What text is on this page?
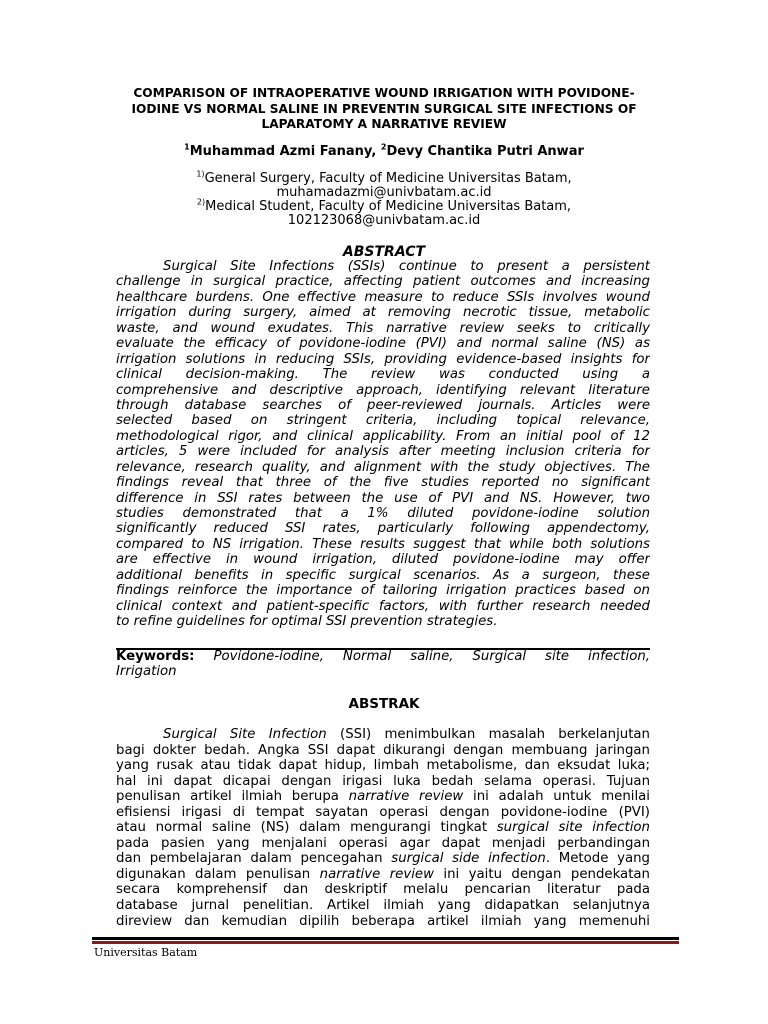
COMPARISON OF INTRAOPERATIVE WOUND IRRIGATION WITH POVIDONE-
IODINE VS NORMAL SALINE IN PREVENTIN SURGICAL SITE INFECTIONS OF
LAPARATOMY A NARRATIVE REVIEW
$^1$Muhammad Azmi Fanany, $^2$Devy Chantika Putri Anwar
$^{1)}$General Surgery, Faculty of Medicine Universitas Batam,
muhamadazmi@univbatam.ac.id
$^{2)}$Medical Student, Faculty of Medicine Universitas Batam,
102123068@univbatam.ac.id
ABSTRACT
Surgical Site Infections (SSIs) continue to present a persistent
challenge in surgical practice, affecting patient outcomes and increasing
healthcare burdens. One effective measure to reduce SSIs involves wound
irrigation during surgery, aimed at removing necrotic tissue, metabolic
waste, and wound exudates. This narrative review seeks to critically
evaluate the efficacy of povidone-iodine (PVI) and normal saline (NS) as
irrigation solutions in reducing SSIs, providing evidence-based insights for
clinical decision-making. The review was conducted using a
comprehensive and descriptive approach, identifying relevant literature
through database searches of peer-reviewed journals. Articles were
selected based on stringent criteria, including topical relevance,
methodological rigor, and clinical applicability. From an initial pool of 12
articles, 5 were included for analysis after meeting inclusion criteria for
relevance, research quality, and alignment with the study objectives. The
findings reveal that three of the five studies reported no significant
difference in SSI rates between the use of PVI and NS. However, two
studies demonstrated that a 1% diluted povidone-iodine solution
significantly reduced SSI rates, particularly following appendectomy,
compared to NS irrigation. These results suggest that while both solutions
are effective in wound irrigation, diluted povidone-iodine may offer
additional benefits in specific surgical scenarios. As a surgeon, these
findings reinforce the importance of tailoring irrigation practices based on
clinical context and patient-specific factors, with further research needed
to refine guidelines for optimal SSI prevention strategies.
Keywords: Povidone-iodine, Normal saline, Surgical site infection,
Irrigation
ABSTRAK
Surgical Site Infection (SSI) menimbulkan masalah berkelanjutan
bagi dokter bedah. Angka SSI dapat dikurangi dengan membuang jaringan
yang rusak atau tidak dapat hidup, limbah metabolisme, dan eksudat luka;
hal ini dapat dicapai dengan irigasi luka bedah selama operasi. Tujuan
penulisan artikel ilmiah berupa narrative review ini adalah untuk menilai
efisiensi irigasi di tempat sayatan operasi dengan povidone-iodine (PVI)
atau normal saline (NS) dalam mengurangi tingkat surgical site infection
pada pasien yang menjalani operasi agar dapat menjadi perbandingan
dan pembelajaran dalam pencegahan surgical side infection. Metode yang
digunakan dalam penulisan narrative review ini yaitu dengan pendekatan
secara komprehensif dan deskriptif melalu pencarian literatur pada
database jurnal penelitian. Artikel ilmiah yang didapatkan selanjutnya
direview dan kemudian dipilih beberapa artikel ilmiah yang memenuhi
Universitas Batam
